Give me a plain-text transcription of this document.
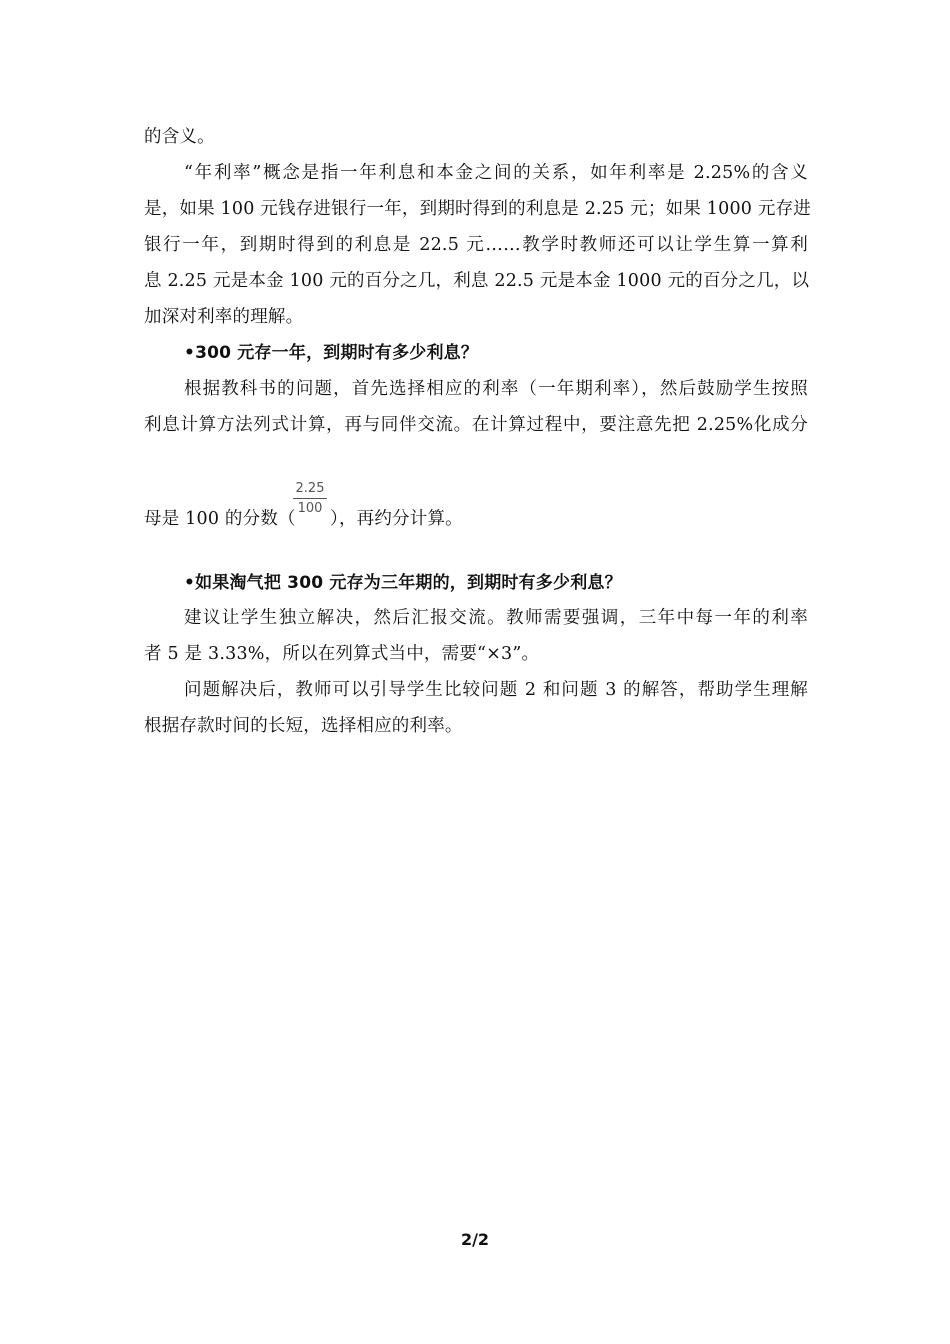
的含义。
“年利率”概念是指一年利息和本金之间的关系，如年利率是 2.25%的含义
是，如果 100 元钱存进银行一年，到期时得到的利息是 2.25 元；如果 1000 元存进
银行一年，到期时得到的利息是 22.5 元……教学时教师还可以让学生算一算利
息 2.25 元是本金 100 元的百分之几，利息 22.5 元是本金 1000 元的百分之几，以
加深对利率的理解。
•300 元存一年，到期时有多少利息？
根据教科书的问题，首先选择相应的利率（一年期利率），然后鼓励学生按照
利息计算方法列式计算，再与同伴交流。在计算过程中，要注意先把 2.25%化成分
母是 100 的分数（
2.25
100
），再约分计算。
•如果淘气把 300 元存为三年期的，到期时有多少利息？
建议让学生独立解决，然后汇报交流。教师需要强调，三年中每一年的利率
者 5 是 3.33%，所以在列算式当中，需要“×3”。
问题解决后，教师可以引导学生比较问题 2 和问题 3 的解答，帮助学生理解
根据存款时间的长短，选择相应的利率。
2/2
